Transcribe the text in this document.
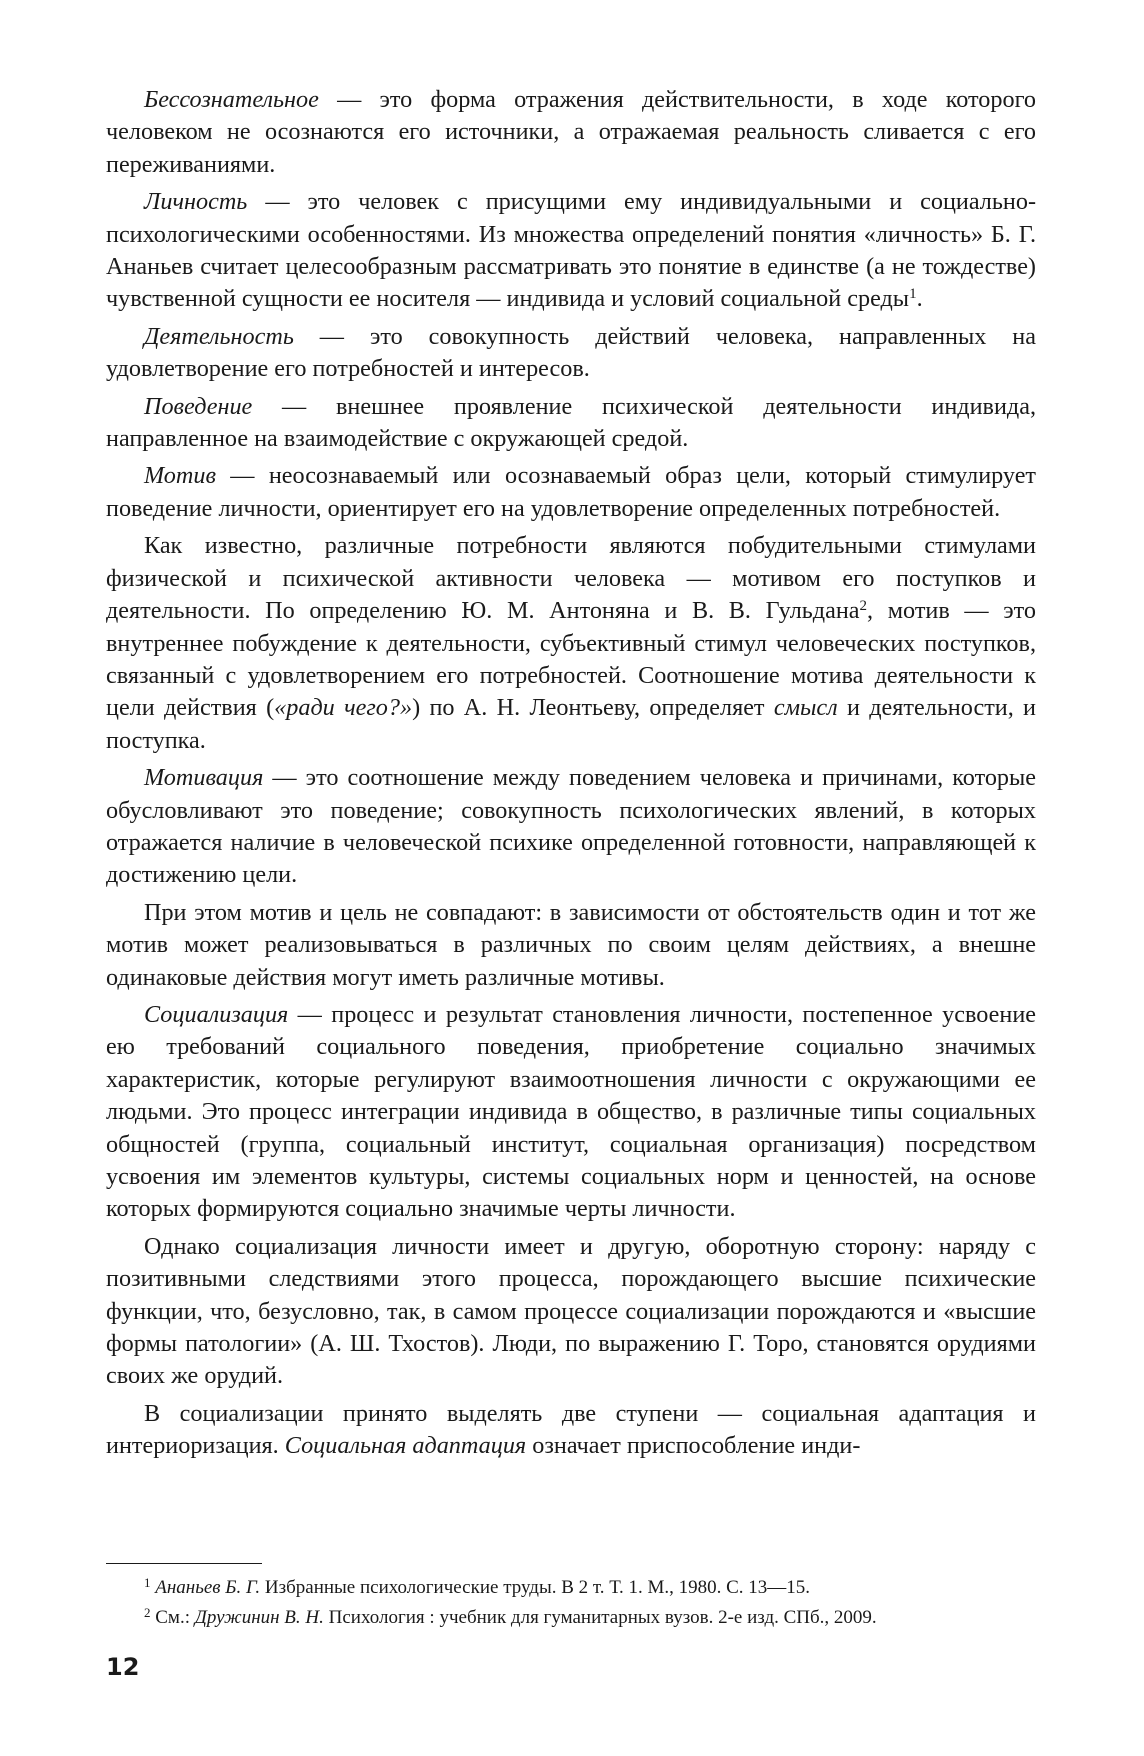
Бессознательное — это форма отражения действительности, в ходе которого человеком не осознаются его источники, а отражаемая реальность сливается с его переживаниями.

Личность — это человек с присущими ему индивидуальными и социально-психологическими особенностями. Из множества определений понятия «личность» Б. Г. Ананьев считает целесообразным рассматривать это понятие в единстве (а не тождестве) чувственной сущности ее носителя — индивида и условий социальной среды$^1$.

Деятельность — это совокупность действий человека, направленных на удовлетворение его потребностей и интересов.

Поведение — внешнее проявление психической деятельности индивида, направленное на взаимодействие с окружающей средой.

Мотив — неосознаваемый или осознаваемый образ цели, который стимулирует поведение личности, ориентирует его на удовлетворение определенных потребностей.

Как известно, различные потребности являются побудительными стимулами физической и психической активности человека — мотивом его поступков и деятельности. По определению Ю. М. Антоняна и В. В. Гульдана$^2$, мотив — это внутреннее побуждение к деятельности, субъективный стимул человеческих поступков, связанный с удовлетворением его потребностей. Соотношение мотива деятельности к цели действия («ради чего?») по А. Н. Леонтьеву, определяет смысл и деятельности, и поступка.

Мотивация — это соотношение между поведением человека и причинами, которые обусловливают это поведение; совокупность психологических явлений, в которых отражается наличие в человеческой психике определенной готовности, направляющей к достижению цели.

При этом мотив и цель не совпадают: в зависимости от обстоятельств один и тот же мотив может реализовываться в различных по своим целям действиях, а внешне одинаковые действия могут иметь различные мотивы.

Социализация — процесс и результат становления личности, постепенное усвоение ею требований социального поведения, приобретение социально значимых характеристик, которые регулируют взаимоотношения личности с окружающими ее людьми. Это процесс интеграции индивида в общество, в различные типы социальных общностей (группа, социальный институт, социальная организация) посредством усвоения им элементов культуры, системы социальных норм и ценностей, на основе которых формируются социально значимые черты личности.

Однако социализация личности имеет и другую, оборотную сторону: наряду с позитивными следствиями этого процесса, порождающего высшие психические функции, что, безусловно, так, в самом процессе социализации порождаются и «высшие формы патологии» (А. Ш. Тхостов). Люди, по выражению Г. Торо, становятся орудиями своих же орудий.

В социализации принято выделять две ступени — социальная адаптация и интериоризация. Социальная адаптация означает приспособление инди-

$^1$ Ананьев Б. Г. Избранные психологические труды. В 2 т. Т. 1. М., 1980. С. 13—15.

$^2$ См.: Дружинин В. Н. Психология : учебник для гуманитарных вузов. 2-е изд. СПб., 2009.

12
